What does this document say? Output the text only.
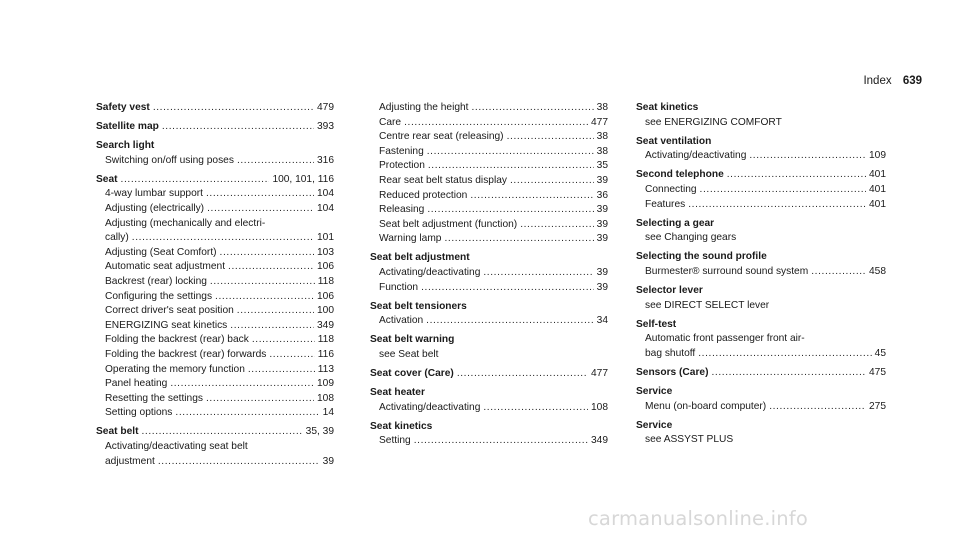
Index 639
Safety vest .....	479
Satellite map .....	393
Search light
Switching on/off using poses .....	316
Seat .....	100, 101, 116
4-way lumbar support .....	104
Adjusting (electrically) .....	104
Adjusting (mechanically and electri-
cally) .....	101
Adjusting (Seat Comfort) .....	103
Automatic seat adjustment .....	106
Backrest (rear) locking .....	118
Configuring the settings .....	106
Correct driver's seat position .....	100
ENERGIZING seat kinetics .....	349
Folding the backrest (rear) back .....	118
Folding the backrest (rear) forwards .....	116
Operating the memory function .....	113
Panel heating .....	109
Resetting the settings .....	108
Setting options .....	14
Seat belt .....	35, 39
Activating/deactivating seat belt
adjustment .....	39
Adjusting the height .....	38
Care .....	477
Centre rear seat (releasing) .....	38
Fastening .....	38
Protection .....	35
Rear seat belt status display .....	39
Reduced protection .....	36
Releasing .....	39
Seat belt adjustment (function) .....	39
Warning lamp .....	39
Seat belt adjustment
Activating/deactivating .....	39
Function .....	39
Seat belt tensioners
Activation .....	34
Seat belt warning
see Seat belt
Seat cover (Care) .....	477
Seat heater
Activating/deactivating .....	108
Seat kinetics
Setting .....	349
Seat kinetics
see ENERGIZING COMFORT
Seat ventilation
Activating/deactivating .....	109
Second telephone .....	401
Connecting .....	401
Features .....	401
Selecting a gear
see Changing gears
Selecting the sound profile
Burmester® surround sound system .....	458
Selector lever
see DIRECT SELECT lever
Self-test
Automatic front passenger front air-
bag shutoff .....	45
Sensors (Care) .....	475
Service
Menu (on-board computer) .....	275
Service
see ASSYST PLUS
carmanualsonline.info
